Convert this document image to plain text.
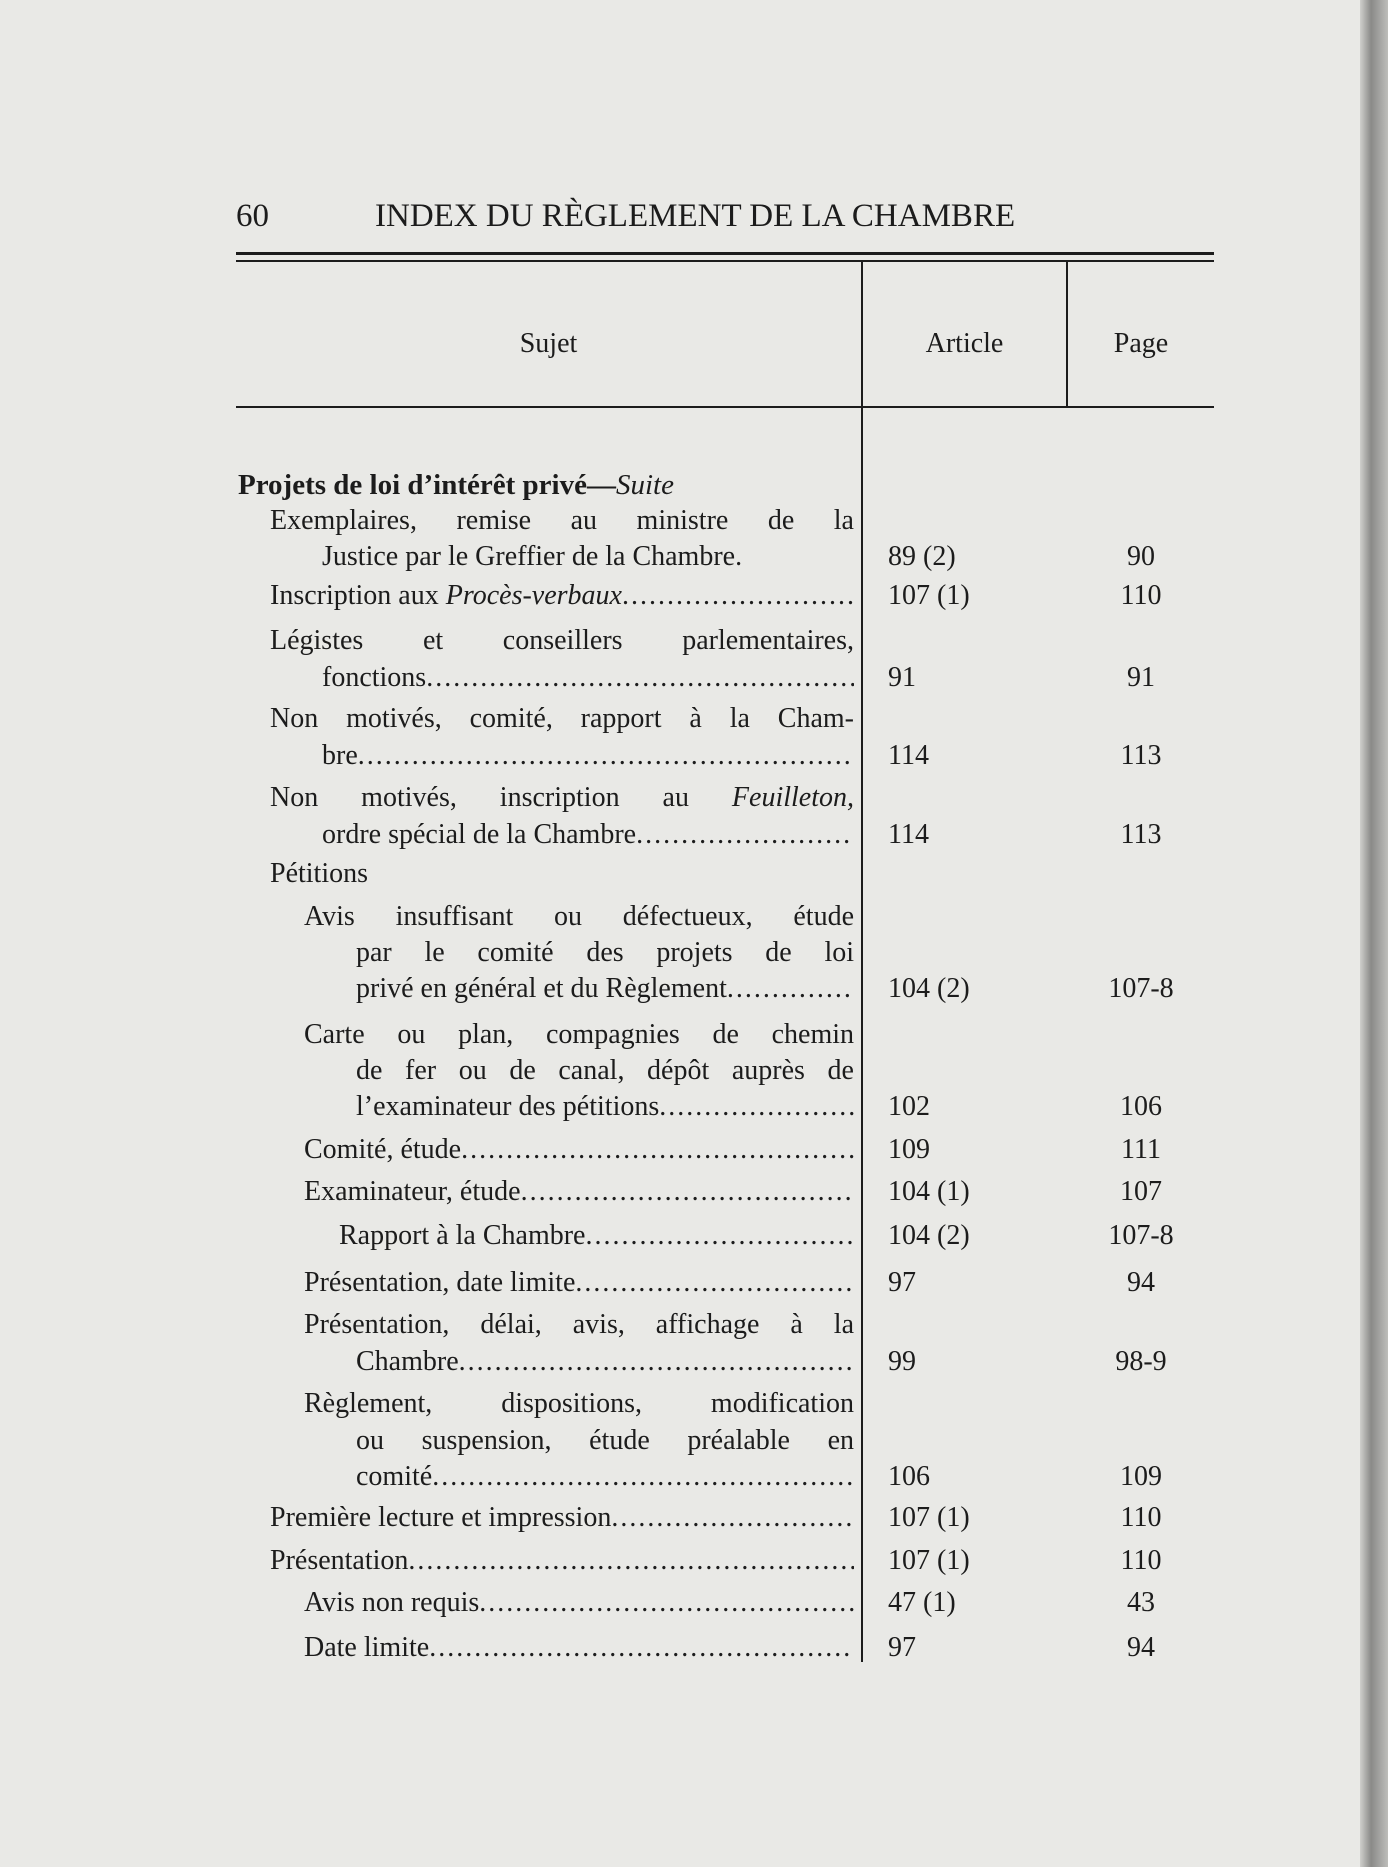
60	INDEX DU RÈGLEMENT DE LA CHAMBRE
Sujet	Article	Page
Projets de loi d’intérêt privé—Suite
Exemplaires, remise au ministre de la
Justice par le Greffier de la Chambre.	89 (2)	90
Inscription aux
Procès-verbaux .....	107 (1)	110
Légistes et conseillers parlementaires,
fonctions .....	91	91
Non motivés, comité, rapport à la Cham-
bre .....	114	113
Non motivés, inscription au Feuilleton,
ordre spécial de la Chambre .....	114	113
Pétitions
Avis insuffisant ou défectueux, étude
par le comité des projets de loi
privé en général et du Règlement .....	104 (2)	107-8
Carte ou plan, compagnies de chemin
de fer ou de canal, dépôt auprès de
l’examinateur des pétitions .....	102	106
Comité, étude .....	109	111
Examinateur, étude .....	104 (1)	107
Rapport à la Chambre .....	104 (2)	107-8
Présentation, date limite .....	97	94
Présentation, délai, avis, affichage à la
Chambre .....	99	98-9
Règlement, dispositions, modification
ou suspension, étude préalable en
comité .....	106	109
Première lecture et impression .....	107 (1)	110
Présentation .....	107 (1)	110
Avis non requis .....	47 (1)	43
Date limite .....	97	94
